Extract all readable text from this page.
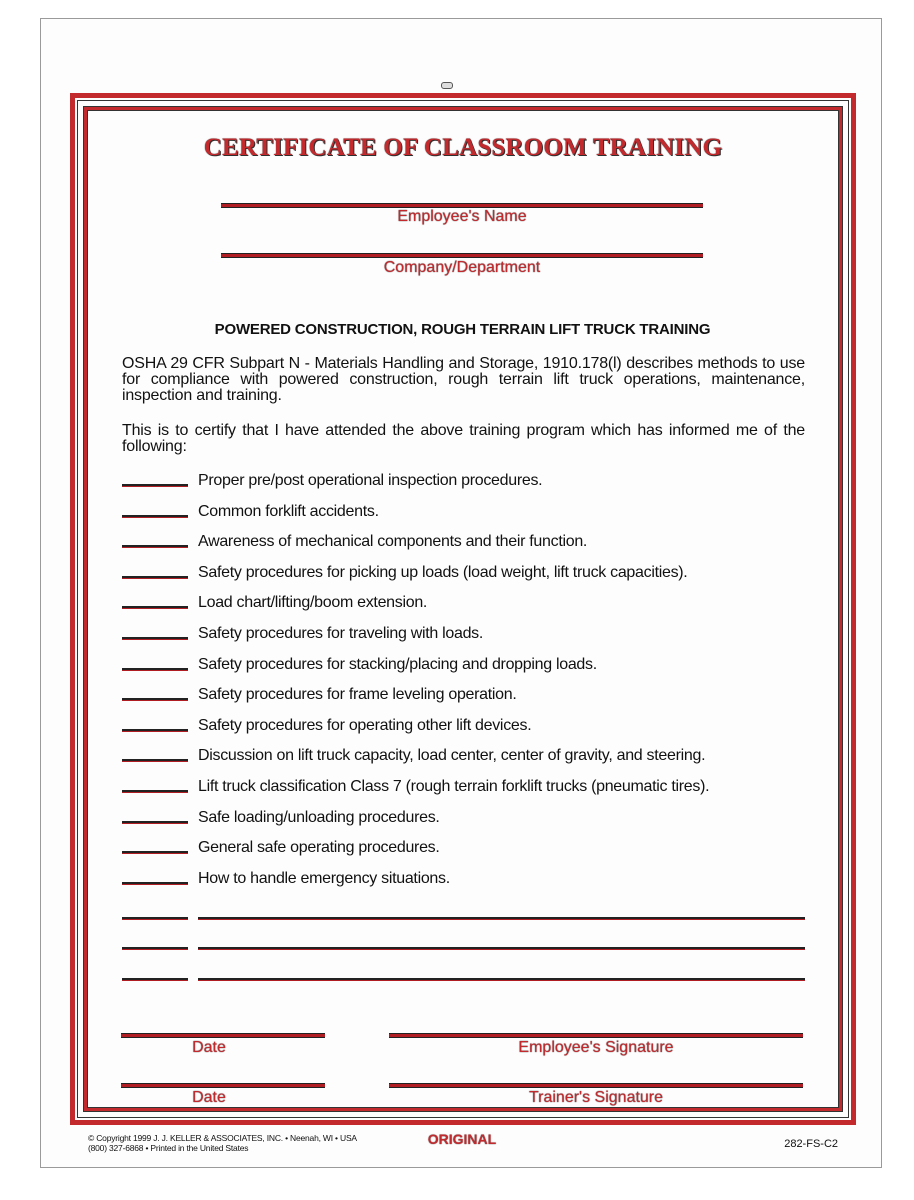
CERTIFICATE OF CLASSROOM TRAINING
Employee's Name
Company/Department
POWERED CONSTRUCTION, ROUGH TERRAIN LIFT TRUCK TRAINING
OSHA 29 CFR Subpart N - Materials Handling and Storage, 1910.178(l) describes methods to use for compliance with powered construction, rough terrain lift truck operations, maintenance, inspection and training.
This is to certify that I have attended the above training program which has informed me of the following:
Proper pre/post operational inspection procedures.
Common forklift accidents.
Awareness of mechanical components and their function.
Safety procedures for picking up loads (load weight, lift truck capacities).
Load chart/lifting/boom extension.
Safety procedures for traveling with loads.
Safety procedures for stacking/placing and dropping loads.
Safety procedures for frame leveling operation.
Safety procedures for operating other lift devices.
Discussion on lift truck capacity, load center, center of gravity, and steering.
Lift truck classification Class 7 (rough terrain forklift trucks (pneumatic tires).
Safe loading/unloading procedures.
General safe operating procedures.
How to handle emergency situations.
Date	Employee's Signature
Date	Trainer's Signature
© Copyright 1999 J. J. KELLER & ASSOCIATES, INC. • Neenah, WI • USA
(800) 327-6868 • Printed in the United States
ORIGINAL	282-FS-C2
